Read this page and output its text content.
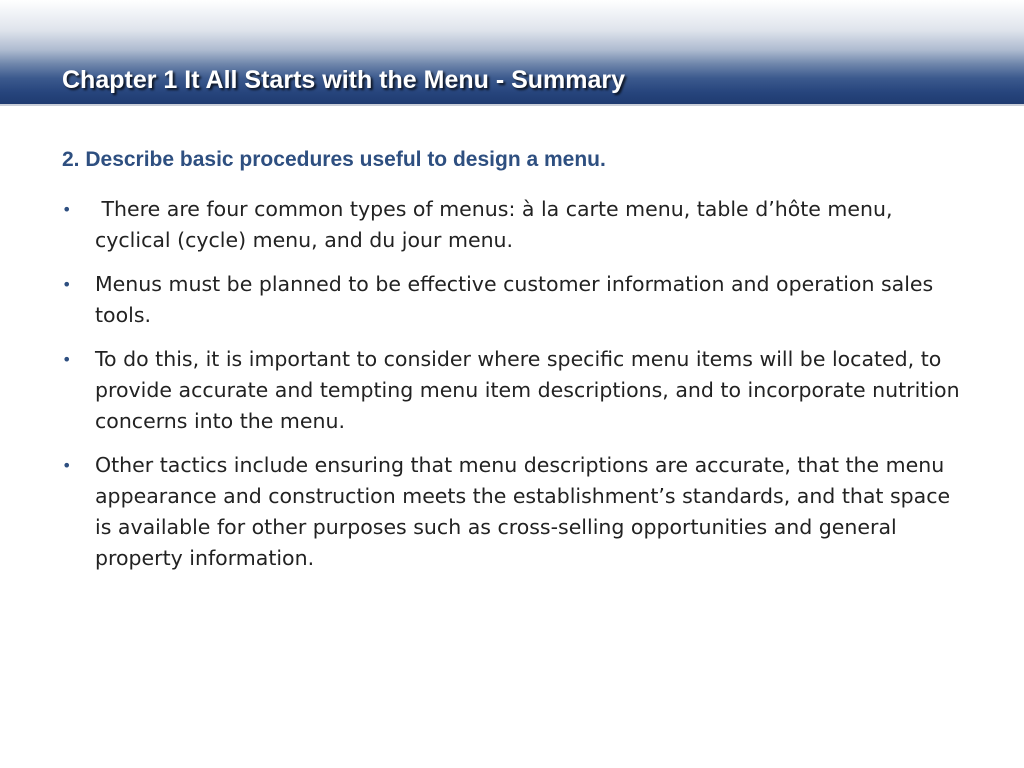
Chapter 1 It All Starts with the Menu - Summary
2. Describe basic procedures useful to design a menu.
• There are four common types of menus: à la carte menu, table d’hôte menu, cyclical (cycle) menu, and du jour menu.
• Menus must be planned to be effective customer information and operation sales tools.
• To do this, it is important to consider where specific menu items will be located, to provide accurate and tempting menu item descriptions, and to incorporate nutrition concerns into the menu.
• Other tactics include ensuring that menu descriptions are accurate, that the menu appearance and construction meets the establishment’s standards, and that space is available for other purposes such as cross-selling opportunities and general property information.
